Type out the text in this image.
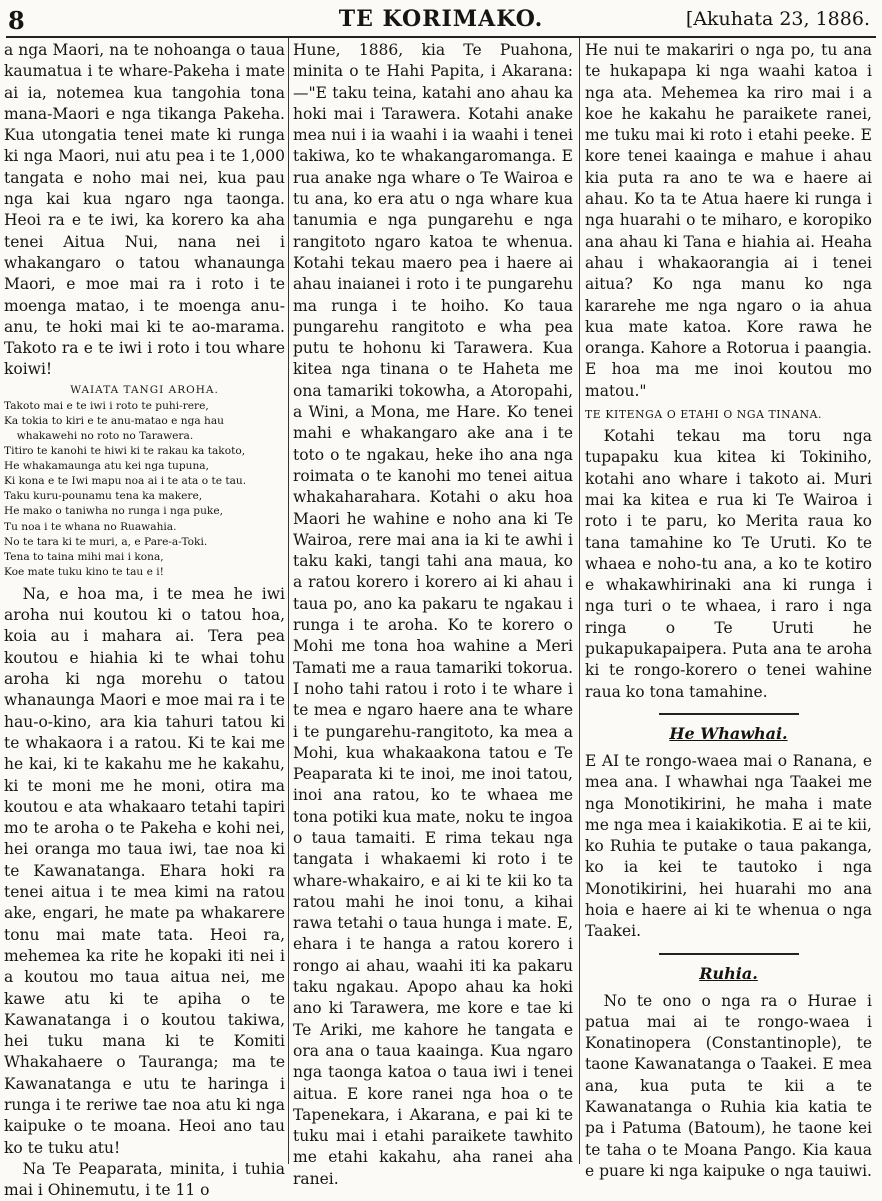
8	TE KORIMAKO.	[Akuhata 23, 1886.

a nga Maori, na te nohoanga o taua kaumatua i te whare-Pakeha i mate ai ia, notemea kua tangohia tona mana-Maori e nga tikanga Pakeha. Kua utongatia tenei mate ki runga ki nga Maori, nui atu pea i te 1,000 tangata e noho mai nei, kua pau nga kai kua ngaro nga taonga. Heoi ra e te iwi, ka korero ka aha tenei Aitua Nui, nana nei i whakangaro o tatou whanaunga Maori, e moe mai ra i roto i te moenga matao, i te moenga anu-anu, te hoki mai ki te ao-marama. Takoto ra e te iwi i roto i tou whare koiwi!

WAIATA TANGI AROHA.
Takoto mai e te iwi i roto te puhi-rere,
Ka tokia to kiri e te anu-matao e nga hau whakawehi no roto no Tarawera.
Titiro te kanohi te hiwi ki te rakau ka takoto,
He whakamaunga atu kei nga tupuna,
Ki kona e te Iwi mapu noa ai i te ata o te tau.
Taku kuru-pounamu tena ka makere,
He mako o taniwha no runga i nga puke,
Tu noa i te whana no Ruawahia.
No te tara ki te muri, a, e Pare-a-Toki.
Tena to taina mihi mai i kona,
Koe mate tuku kino te tau e i!

Na, e hoa ma, i te mea he iwi aroha nui koutou ki o tatou hoa, koia au i mahara ai. Tera pea koutou e hiahia ki te whai tohu aroha ki nga morehu o tatou whanaunga Maori e moe mai ra i te hau-o-kino, ara kia tahuri tatou ki te whakaora i a ratou. Ki te kai me he kai, ki te kakahu me he kakahu, ki te moni me he moni, otira ma koutou e ata whakaaro tetahi tapiri mo te aroha o te Pakeha e kohi nei, hei oranga mo taua iwi, tae noa ki te Kawanatanga. Ehara hoki ra tenei aitua i te mea kimi na ratou ake, engari, he mate pa whakarere tonu mai mate tata. Heoi ra, mehemea ka rite he kopaki iti nei i a koutou mo taua aitua nei, me kawe atu ki te apiha o te Kawanatanga i o koutou takiwa, hei tuku mana ki te Komiti Whakahaere o Tauranga; ma te Kawanatanga e utu te haringa i runga i te reriwe tae noa atu ki nga kaipuke o te moana. Heoi ano tau ko te tuku atu!

Na Te Peaparata, minita, i tuhia mai i Ohinemutu, i te 11 o

Hune, 1886, kia Te Puahona, minita o te Hahi Papita, i Akarana:—"E taku teina, katahi ano ahau ka hoki mai i Tarawera. Kotahi anake mea nui i ia waahi i ia waahi i tenei takiwa, ko te whakangaromanga. E rua anake nga whare o Te Wairoa e tu ana, ko era atu o nga whare kua tanumia e nga pungarehu e nga rangitoto ngaro katoa te whenua. Kotahi tekau maero pea i haere ai ahau inaianei i roto i te pungarehu ma runga i te hoiho. Ko taua pungarehu rangitoto e wha pea putu te hohonu ki Tarawera. Kua kitea nga tinana o te Haheta me ona tamariki tokowha, a Atoropahi, a Wini, a Mona, me Hare. Ko tenei mahi e whakangaro ake ana i te toto o te ngakau, heke iho ana nga roimata o te kanohi mo tenei aitua whakaharahara. Kotahi o aku hoa Maori he wahine e noho ana ki Te Wairoa, rere mai ana ia ki te awhi i taku kaki, tangi tahi ana maua, ko a ratou korero i korero ai ki ahau i taua po, ano ka pakaru te ngakau i runga i te aroha. Ko te korero o Mohi me tona hoa wahine a Meri Tamati me a raua tamariki tokorua. I noho tahi ratou i roto i te whare i te mea e ngaro haere ana te whare i te pungarehu-rangitoto, ka mea a Mohi, kua whakaakona tatou e Te Peaparata ki te inoi, me inoi tatou, inoi ana ratou, ko te whaea me tona potiki kua mate, noku te ingoa o taua tamaiti. E rima tekau nga tangata i whakaemi ki roto i te whare-whakairo, e ai ki te kii ko ta ratou mahi he inoi tonu, a kihai rawa tetahi o taua hunga i mate. E, ehara i te hanga a ratou korero i rongo ai ahau, waahi iti ka pakaru taku ngakau. Apopo ahau ka hoki ano ki Tarawera, me kore e tae ki Te Ariki, me kahore he tangata e ora ana o taua kaainga. Kua ngaro nga taonga katoa o taua iwi i tenei aitua. E kore ranei nga hoa o te Tapenekara, i Akarana, e pai ki te tuku mai i etahi paraikete tawhito me etahi kakahu, aha ranei aha ranei.

He nui te makariri o nga po, tu ana te hukapapa ki nga waahi katoa i nga ata. Mehemea ka riro mai i a koe he kakahu he paraikete ranei, me tuku mai ki roto i etahi peeke. E kore tenei kaainga e mahue i ahau kia puta ra ano te wa e haere ai ahau. Ko ta te Atua haere ki runga i nga huarahi o te miharo, e koropiko ana ahau ki Tana e hiahia ai. Heaha ahau i whakaorangia ai i tenei aitua? Ko nga manu ko nga kararehe me nga ngaro o ia ahua kua mate katoa. Kore rawa he oranga. Kahore a Rotorua i paangia. E hoa ma me inoi koutou mo matou."

TE KITENGA O ETAHI O NGA TINANA.

Kotahi tekau ma toru nga tupapaku kua kitea ki Tokiniho, kotahi ano whare i takoto ai. Muri mai ka kitea e rua ki Te Wairoa i roto i te paru, ko Merita raua ko tana tamahine ko Te Uruti. Ko te whaea e noho-tu ana, a ko te kotiro e whakawhirinaki ana ki runga i nga turi o te whaea, i raro i nga ringa o Te Uruti he pukapukapaipera. Puta ana te aroha ki te rongo-korero o tenei wahine raua ko tona tamahine.

He Whawhai.

E AI te rongo-waea mai o Ranana, e mea ana. I whawhai nga Taakei me nga Monotikirini, he maha i mate me nga mea i kaiakikotia. E ai te kii, ko Ruhia te putake o taua pakanga, ko ia kei te tautoko i nga Monotikirini, hei huarahi mo ana hoia e haere ai ki te whenua o nga Taakei.

Ruhia.

No te ono o nga ra o Hurae i patua mai ai te rongo-waea i Konatinopera (Constantinople), te taone Kawanatanga o Taakei. E mea ana, kua puta te kii a te Kawanatanga o Ruhia kia katia te pa i Patuma (Batoum), he taone kei te taha o te Moana Pango. Kia kaua e puare ki nga kaipuke o nga tauiwi.
